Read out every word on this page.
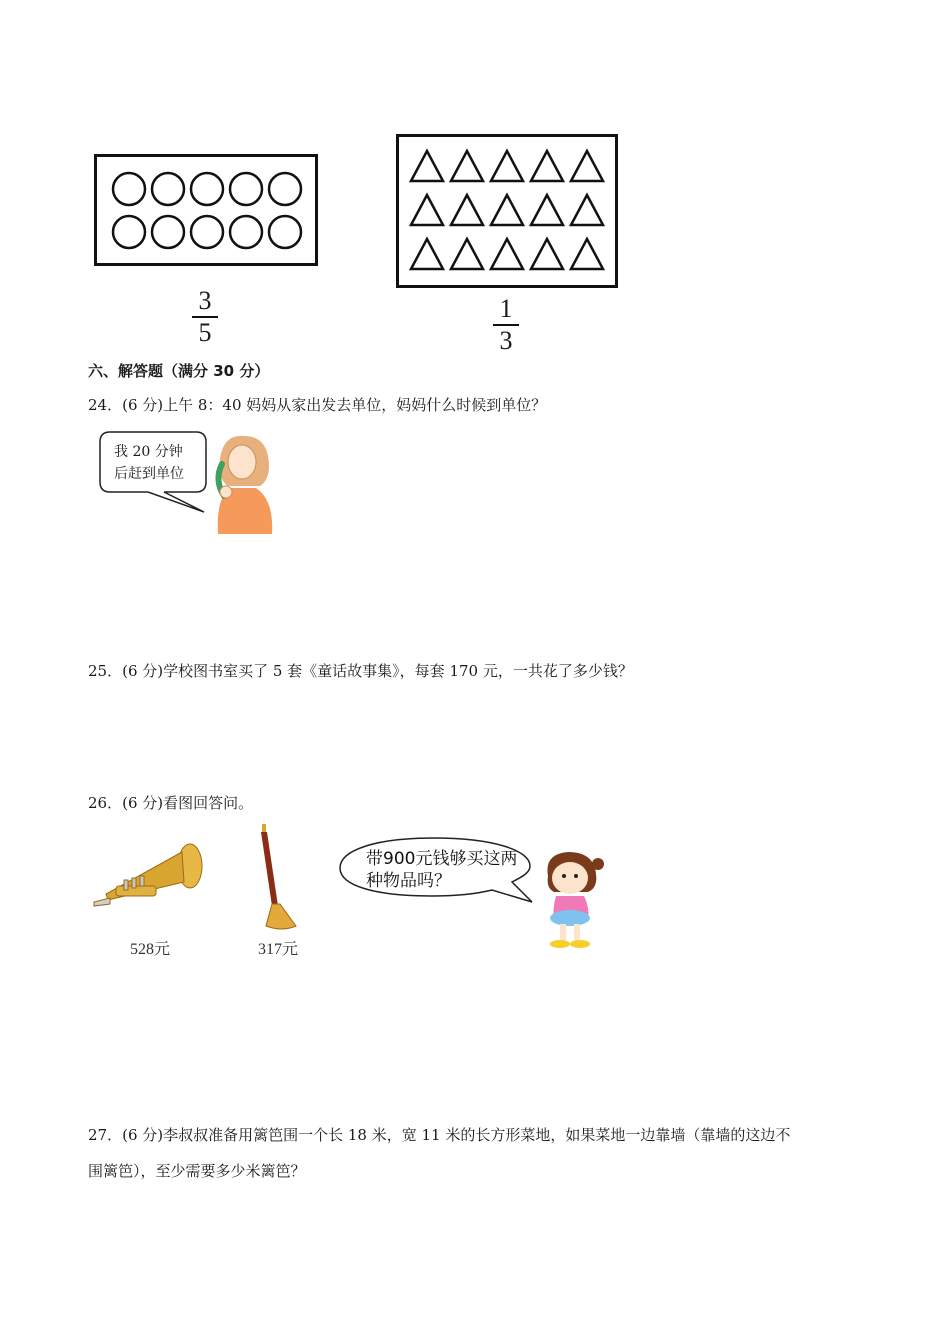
3
5
1
3
六、解答题（满分 30 分）
24．(6 分)上午 8：40 妈妈从家出发去单位，妈妈什么时候到单位？
我 20 分钟
后赶到单位
25．(6 分)学校图书室买了 5 套《童话故事集》，每套 170 元，一共花了多少钱？
26．(6 分)看图回答问。
528元	317元
带900元钱够买这两
种物品吗？
27．(6 分)李叔叔准备用篱笆围一个长 18 米，宽 11 米的长方形菜地，如果菜地一边靠墙（靠墙的这边不
围篱笆），至少需要多少米篱笆？
